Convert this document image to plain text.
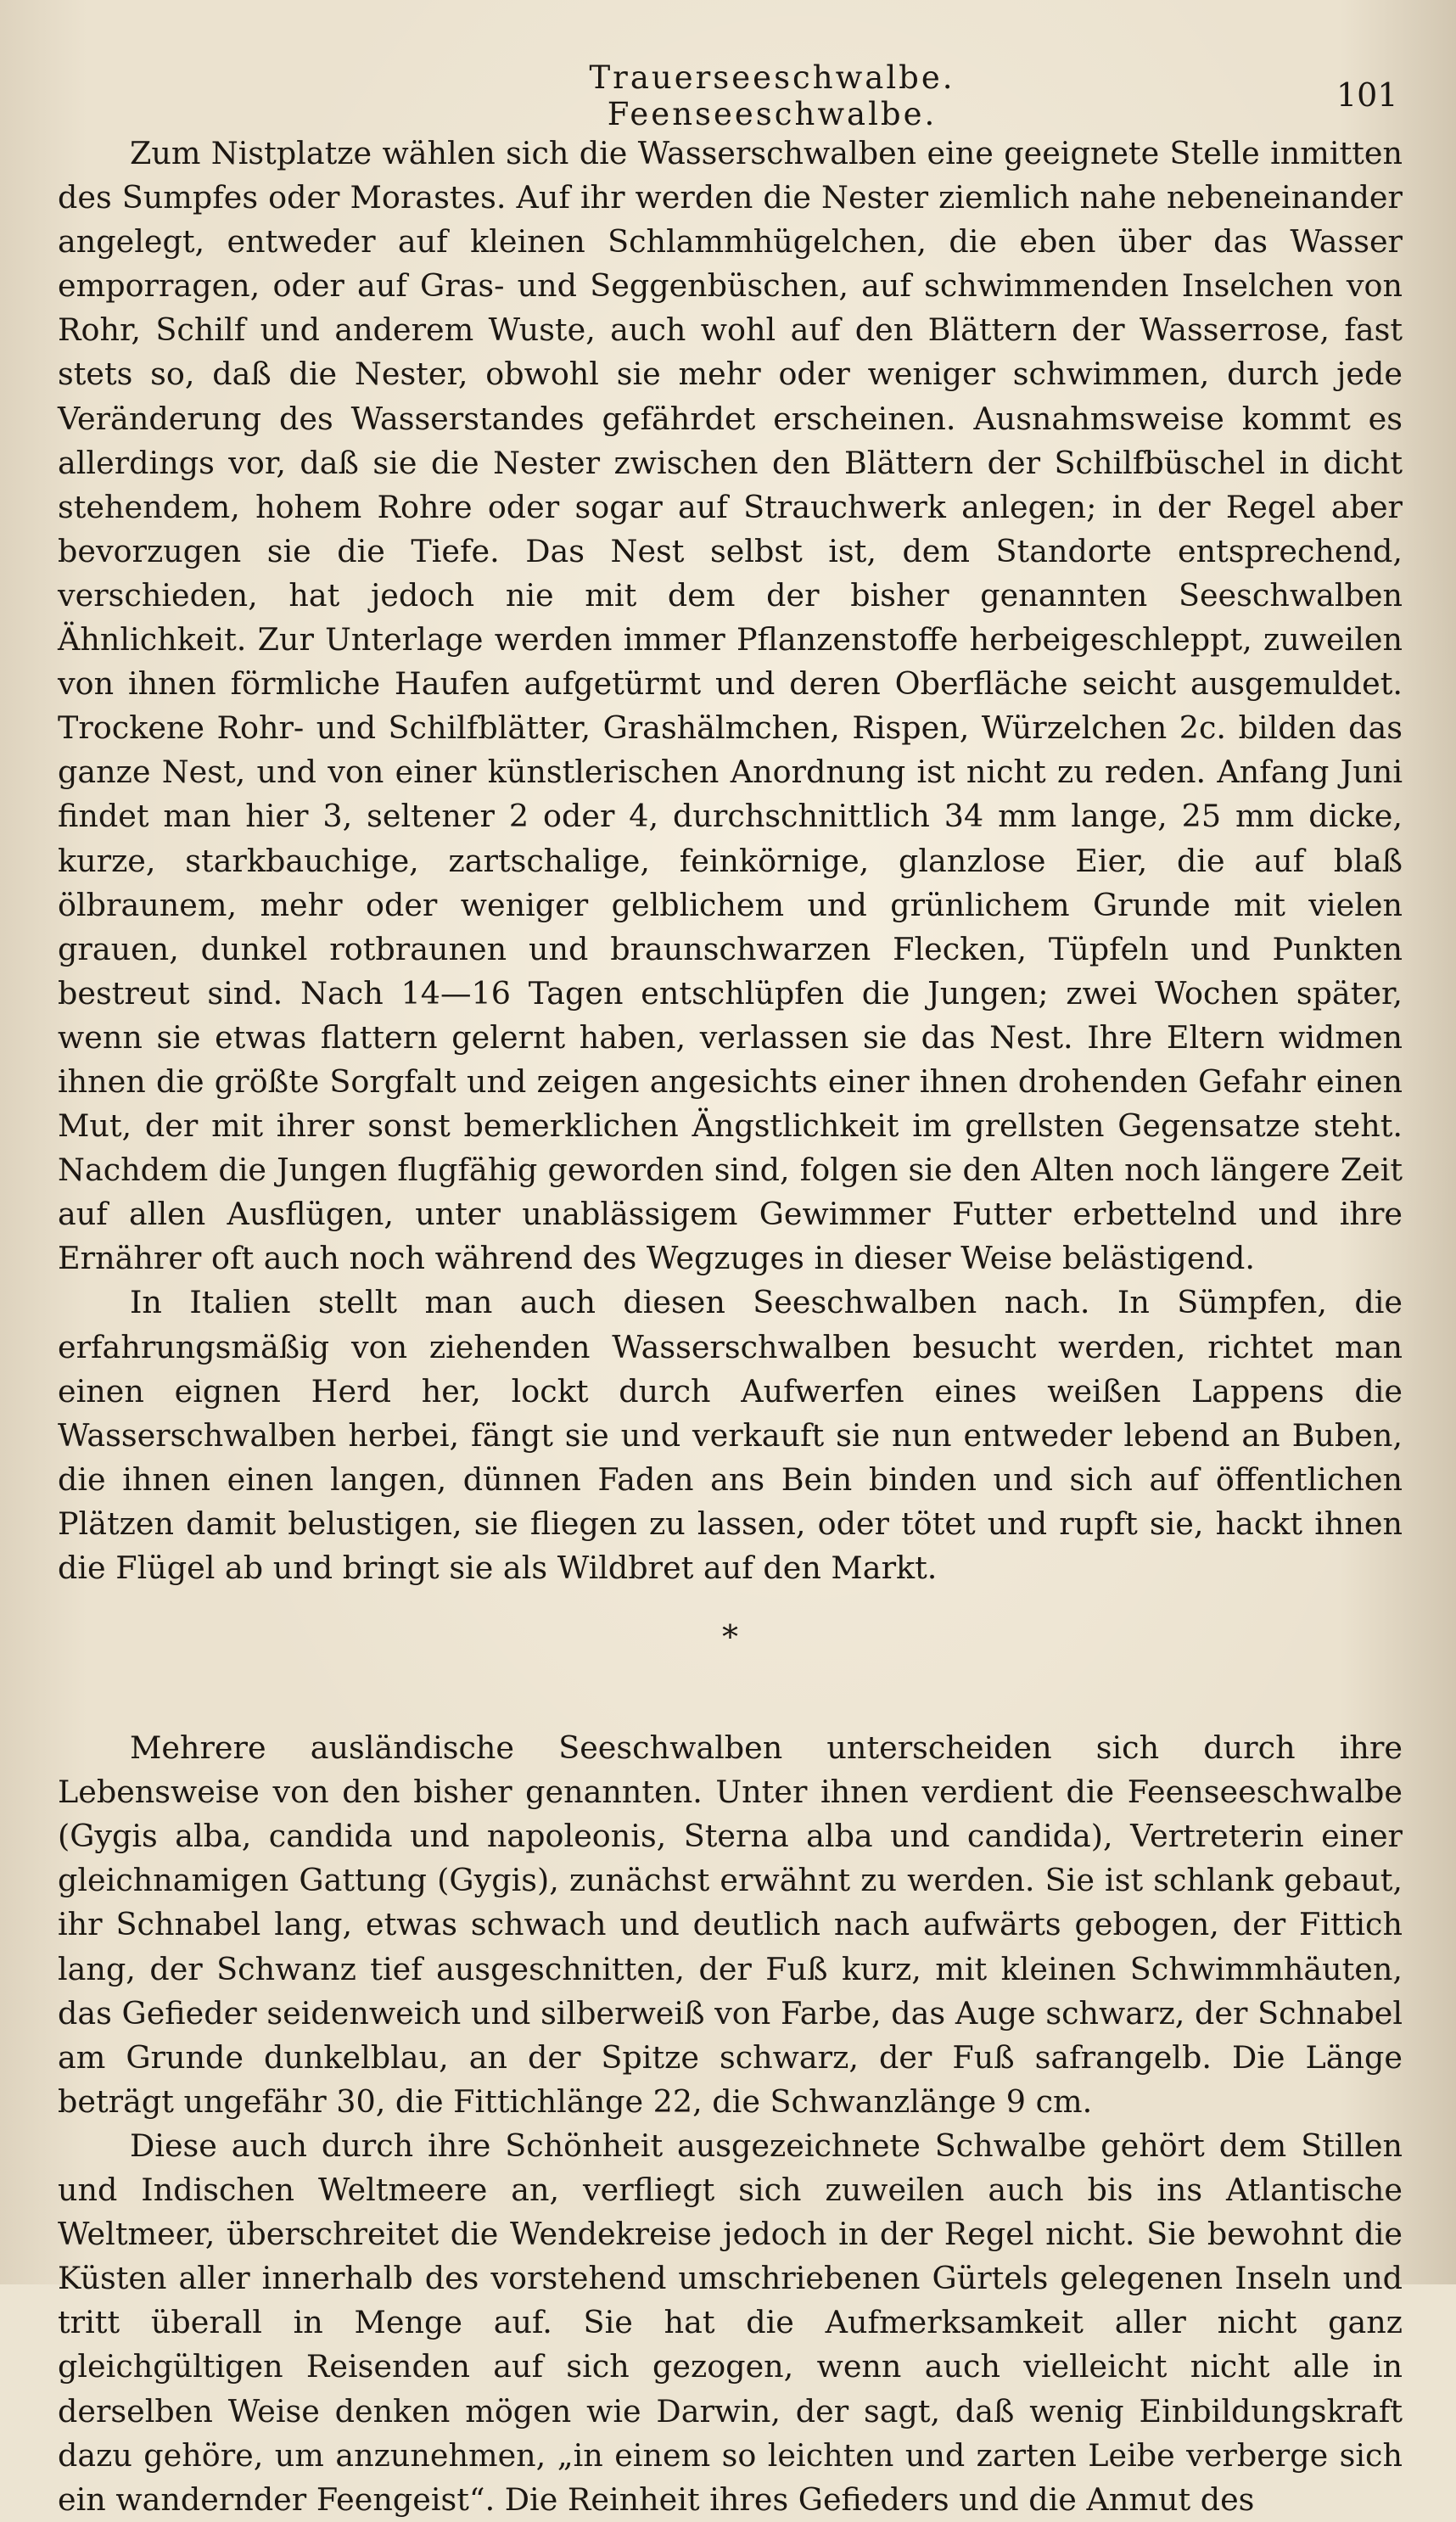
Trauerseeschwalbe. Feenseeschwalbe.
101

Zum Nistplatze wählen sich die Wasserschwalben eine geeignete Stelle inmitten des Sumpfes oder Morastes. Auf ihr werden die Nester ziemlich nahe nebeneinander angelegt, entweder auf kleinen Schlammhügelchen, die eben über das Wasser emporragen, oder auf Gras- und Seggenbüschen, auf schwimmenden Inselchen von Rohr, Schilf und anderem Wuste, auch wohl auf den Blättern der Wasserrose, fast stets so, daß die Nester, obwohl sie mehr oder weniger schwimmen, durch jede Veränderung des Wasserstandes gefährdet erscheinen. Ausnahmsweise kommt es allerdings vor, daß sie die Nester zwischen den Blättern der Schilfbüschel in dicht stehendem, hohem Rohre oder sogar auf Strauchwerk anlegen; in der Regel aber bevorzugen sie die Tiefe. Das Nest selbst ist, dem Standorte entsprechend, verschieden, hat jedoch nie mit dem der bisher genannten Seeschwalben Ähnlichkeit. Zur Unterlage werden immer Pflanzenstoffe herbeigeschleppt, zuweilen von ihnen förmliche Haufen aufgetürmt und deren Oberfläche seicht ausgemuldet. Trockene Rohr- und Schilfblätter, Grashälmchen, Rispen, Würzelchen 2c. bilden das ganze Nest, und von einer künstlerischen Anordnung ist nicht zu reden. Anfang Juni findet man hier 3, seltener 2 oder 4, durchschnittlich 34 mm lange, 25 mm dicke, kurze, starkbauchige, zartschalige, feinkörnige, glanzlose Eier, die auf blaß ölbraunem, mehr oder weniger gelblichem und grünlichem Grunde mit vielen grauen, dunkel rotbraunen und braunschwarzen Flecken, Tüpfeln und Punkten bestreut sind. Nach 14—16 Tagen entschlüpfen die Jungen; zwei Wochen später, wenn sie etwas flattern gelernt haben, verlassen sie das Nest. Ihre Eltern widmen ihnen die größte Sorgfalt und zeigen angesichts einer ihnen drohenden Gefahr einen Mut, der mit ihrer sonst bemerklichen Ängstlichkeit im grellsten Gegensatze steht. Nachdem die Jungen flugfähig geworden sind, folgen sie den Alten noch längere Zeit auf allen Ausflügen, unter unablässigem Gewimmer Futter erbettelnd und ihre Ernährer oft auch noch während des Wegzuges in dieser Weise belästigend.

In Italien stellt man auch diesen Seeschwalben nach. In Sümpfen, die erfahrungsmäßig von ziehenden Wasserschwalben besucht werden, richtet man einen eignen Herd her, lockt durch Aufwerfen eines weißen Lappens die Wasserschwalben herbei, fängt sie und verkauft sie nun entweder lebend an Buben, die ihnen einen langen, dünnen Faden ans Bein binden und sich auf öffentlichen Plätzen damit belustigen, sie fliegen zu lassen, oder tötet und rupft sie, hackt ihnen die Flügel ab und bringt sie als Wildbret auf den Markt.

*

Mehrere ausländische Seeschwalben unterscheiden sich durch ihre Lebensweise von den bisher genannten. Unter ihnen verdient die Feenseeschwalbe (Gygis alba, candida und napoleonis, Sterna alba und candida), Vertreterin einer gleichnamigen Gattung (Gygis), zunächst erwähnt zu werden. Sie ist schlank gebaut, ihr Schnabel lang, etwas schwach und deutlich nach aufwärts gebogen, der Fittich lang, der Schwanz tief ausgeschnitten, der Fuß kurz, mit kleinen Schwimmhäuten, das Gefieder seidenweich und silberweiß von Farbe, das Auge schwarz, der Schnabel am Grunde dunkelblau, an der Spitze schwarz, der Fuß safrangelb. Die Länge beträgt ungefähr 30, die Fittichlänge 22, die Schwanzlänge 9 cm.

Diese auch durch ihre Schönheit ausgezeichnete Schwalbe gehört dem Stillen und Indischen Weltmeere an, verfliegt sich zuweilen auch bis ins Atlantische Weltmeer, überschreitet die Wendekreise jedoch in der Regel nicht. Sie bewohnt die Küsten aller innerhalb des vorstehend umschriebenen Gürtels gelegenen Inseln und tritt überall in Menge auf. Sie hat die Aufmerksamkeit aller nicht ganz gleichgültigen Reisenden auf sich gezogen, wenn auch vielleicht nicht alle in derselben Weise denken mögen wie Darwin, der sagt, daß wenig Einbildungskraft dazu gehöre, um anzunehmen, „in einem so leichten und zarten Leibe verberge sich ein wandernder Feengeist“. Die Reinheit ihres Gefieders und die Anmut des
